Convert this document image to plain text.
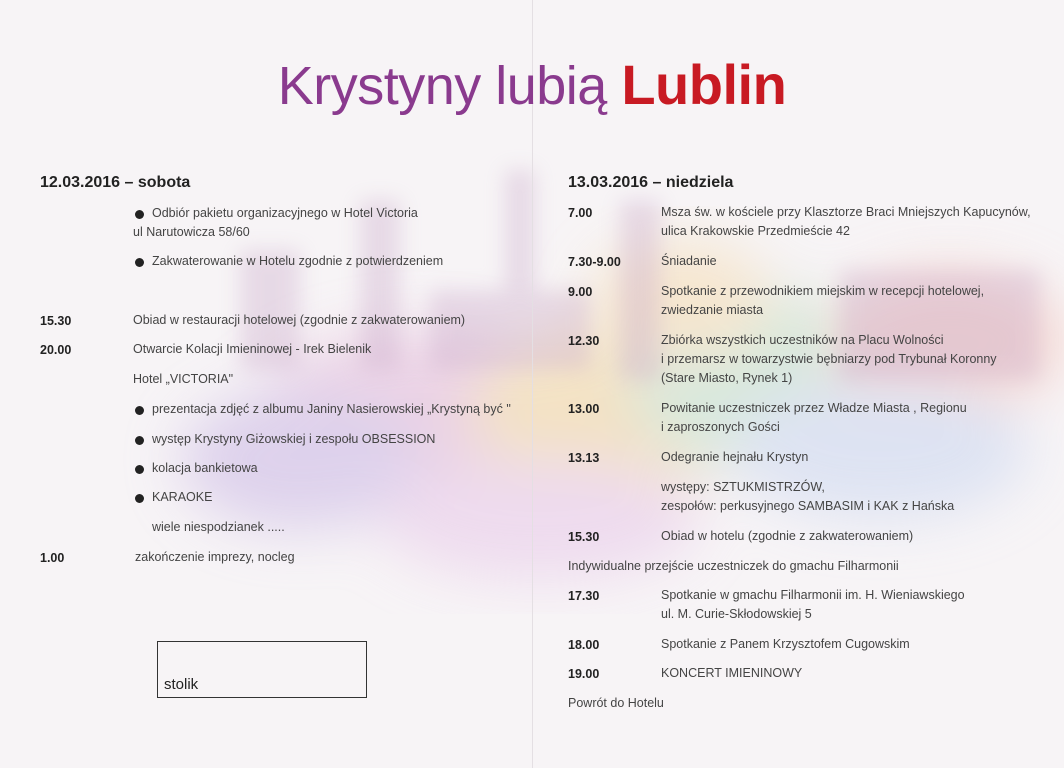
Krystyny lubią Lublin
12.03.2016 – sobota
Odbiór pakietu organizacyjnego w Hotel Victoria
ul Narutowicza 58/60
Zakwaterowanie w Hotelu zgodnie z potwierdzeniem
15.30	Obiad w restauracji hotelowej (zgodnie z zakwaterowaniem)
20.00	Otwarcie Kolacji Imieninowej - Irek Bielenik
Hotel „VICTORIA"
prezentacja zdjęć z albumu Janiny Nasierowskiej „Krystyną być "
występ Krystyny Giżowskiej i zespołu OBSESSION
kolacja bankietowa
KARAOKE
wiele niespodzianek .....
1.00	zakończenie imprezy, nocleg
stolik
13.03.2016 – niedziela
7.00	Msza św. w kościele przy Klasztorze Braci Mniejszych Kapucynów,
ulica Krakowskie Przedmieście 42
7.30-9.00	Śniadanie
9.00	Spotkanie z przewodnikiem miejskim w recepcji hotelowej,
zwiedzanie miasta
12.30	Zbiórka wszystkich uczestników na Placu Wolności
i przemarsz w towarzystwie bębniarzy pod Trybunał Koronny
(Stare Miasto, Rynek 1)
13.00	Powitanie uczestniczek przez Władze Miasta , Regionu
i zaproszonych Gości
13.13	Odegranie hejnału Krystyn
występy: SZTUKMISTRZÓW,
zespołów: perkusyjnego SAMBASIM i KAK z Hańska
15.30	Obiad w hotelu (zgodnie z zakwaterowaniem)
Indywidualne przejście uczestniczek do gmachu Filharmonii
17.30	Spotkanie w gmachu Filharmonii im. H. Wieniawskiego
ul. M. Curie-Skłodowskiej 5
18.00	Spotkanie z Panem Krzysztofem Cugowskim
19.00	KONCERT IMIENINOWY
Powrót do Hotelu
